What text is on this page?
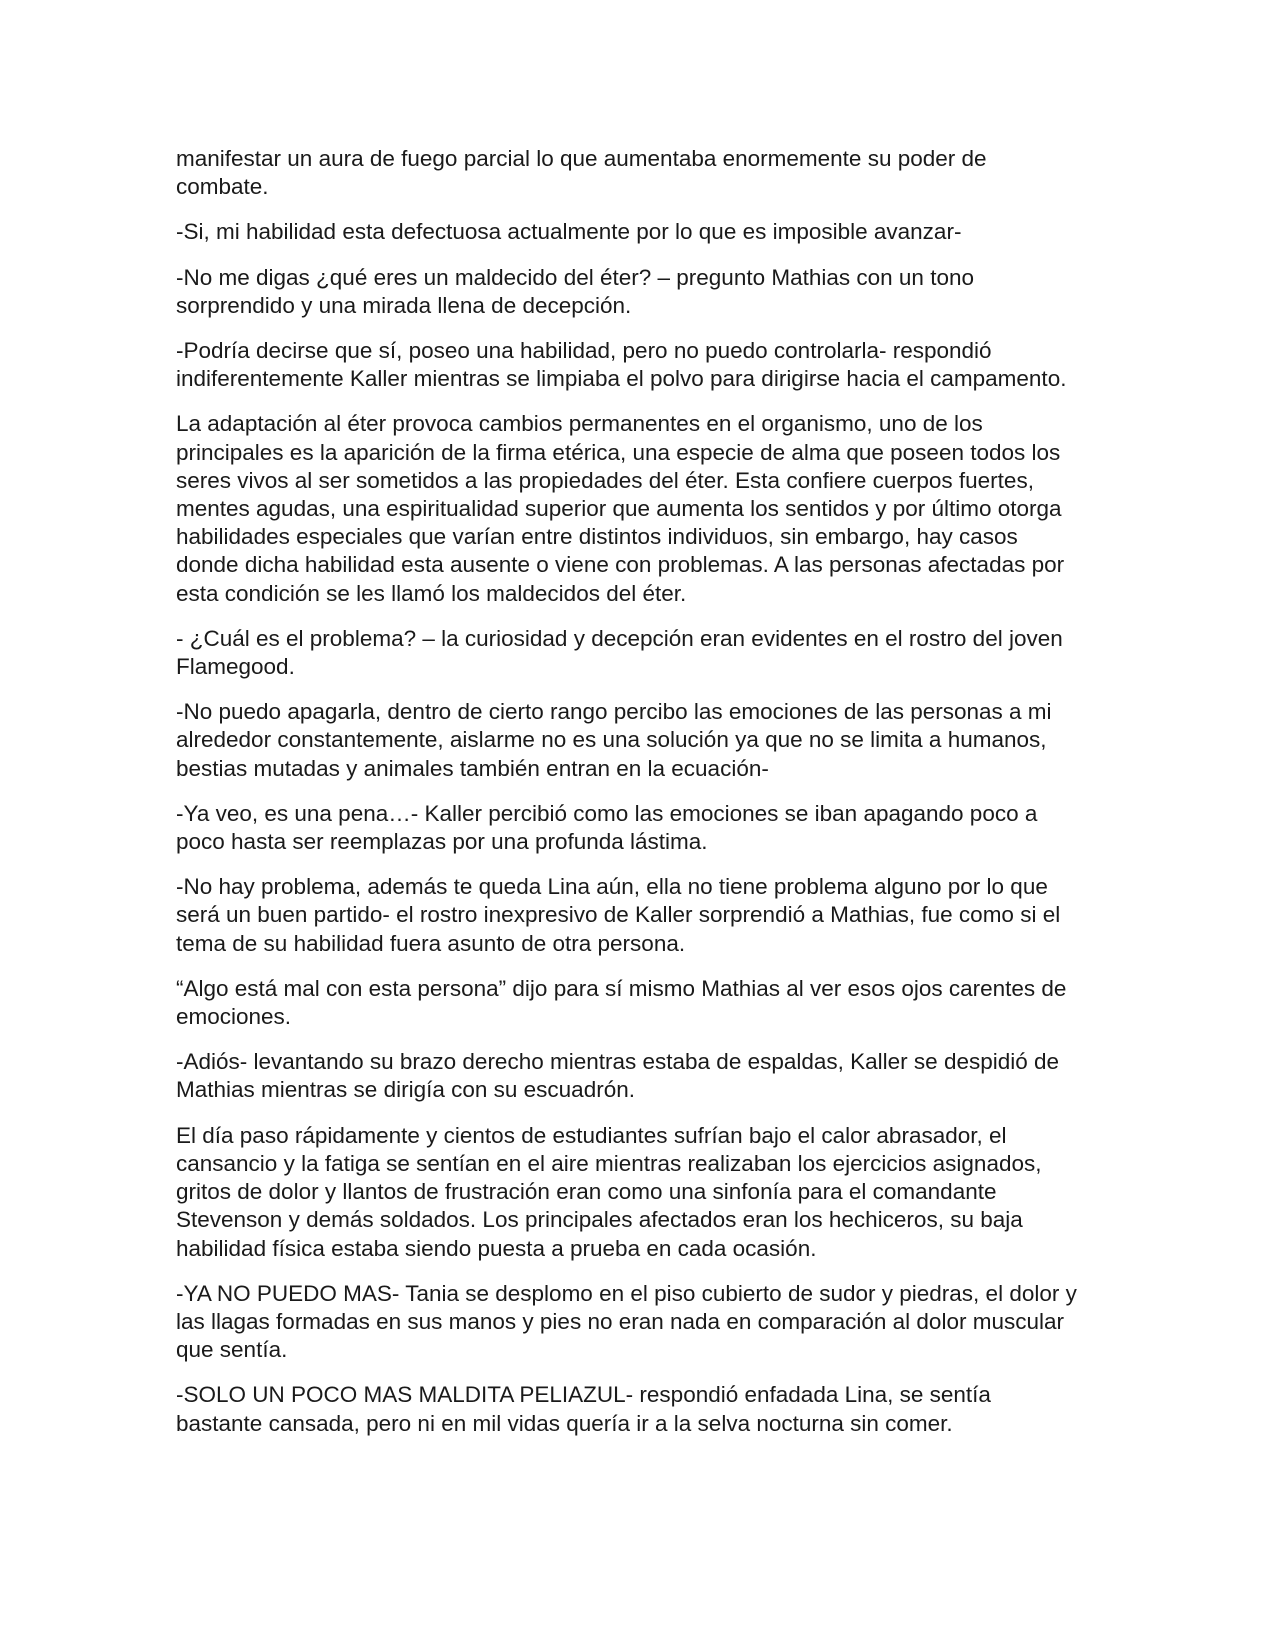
manifestar un aura de fuego parcial lo que aumentaba enormemente su poder de
combate.

-Si, mi habilidad esta defectuosa actualmente por lo que es imposible avanzar-

-No me digas ¿qué eres un maldecido del éter? – pregunto Mathias con un tono
sorprendido y una mirada llena de decepción.

-Podría decirse que sí, poseo una habilidad, pero no puedo controlarla- respondió
indiferentemente Kaller mientras se limpiaba el polvo para dirigirse hacia el campamento.

La adaptación al éter provoca cambios permanentes en el organismo, uno de los
principales es la aparición de la firma etérica, una especie de alma que poseen todos los
seres vivos al ser sometidos a las propiedades del éter. Esta confiere cuerpos fuertes,
mentes agudas, una espiritualidad superior que aumenta los sentidos y por último otorga
habilidades especiales que varían entre distintos individuos, sin embargo, hay casos
donde dicha habilidad esta ausente o viene con problemas. A las personas afectadas por
esta condición se les llamó los maldecidos del éter.

- ¿Cuál es el problema? – la curiosidad y decepción eran evidentes en el rostro del joven
Flamegood.

-No puedo apagarla, dentro de cierto rango percibo las emociones de las personas a mi
alrededor constantemente, aislarme no es una solución ya que no se limita a humanos,
bestias mutadas y animales también entran en la ecuación-

-Ya veo, es una pena…- Kaller percibió como las emociones se iban apagando poco a
poco hasta ser reemplazas por una profunda lástima.

-No hay problema, además te queda Lina aún, ella no tiene problema alguno por lo que
será un buen partido- el rostro inexpresivo de Kaller sorprendió a Mathias, fue como si el
tema de su habilidad fuera asunto de otra persona.

“Algo está mal con esta persona” dijo para sí mismo Mathias al ver esos ojos carentes de
emociones.

-Adiós- levantando su brazo derecho mientras estaba de espaldas, Kaller se despidió de
Mathias mientras se dirigía con su escuadrón.

El día paso rápidamente y cientos de estudiantes sufrían bajo el calor abrasador, el
cansancio y la fatiga se sentían en el aire mientras realizaban los ejercicios asignados,
gritos de dolor y llantos de frustración eran como una sinfonía para el comandante
Stevenson y demás soldados. Los principales afectados eran los hechiceros, su baja
habilidad física estaba siendo puesta a prueba en cada ocasión.

-YA NO PUEDO MAS- Tania se desplomo en el piso cubierto de sudor y piedras, el dolor y
las llagas formadas en sus manos y pies no eran nada en comparación al dolor muscular
que sentía.

-SOLO UN POCO MAS MALDITA PELIAZUL- respondió enfadada Lina, se sentía
bastante cansada, pero ni en mil vidas quería ir a la selva nocturna sin comer.
